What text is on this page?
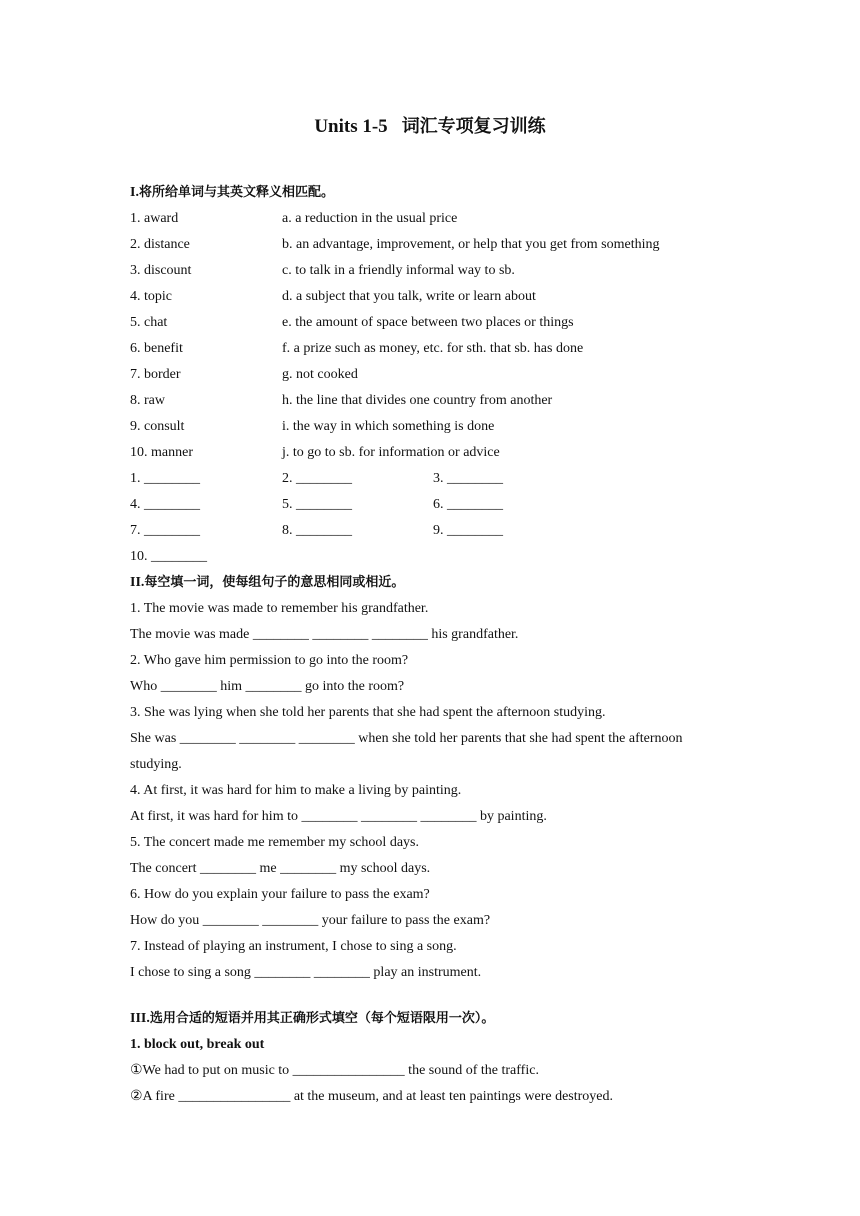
Units 1-5 词汇专项复习训练
I.将所给单词与其英文释义相匹配。
1. award	a. a reduction in the usual price
2. distance	b. an advantage, improvement, or help that you get from something
3. discount	c. to talk in a friendly informal way to sb.
4. topic	d. a subject that you talk, write or learn about
5. chat	e. the amount of space between two places or things
6. benefit	f. a prize such as money, etc. for sth. that sb. has done
7. border	g. not cooked
8. raw	h. the line that divides one country from another
9. consult	i. the way in which something is done
10. manner	j. to go to sb. for information or advice
1. ________	2. ________	3. ________
4. ________	5. ________	6. ________
7. ________	8. ________	9. ________
10. ________
II.每空填一词，使每组句子的意思相同或相近。
1. The movie was made to remember his grandfather.
The movie was made ________ ________ ________ his grandfather.
2. Who gave him permission to go into the room?
Who ________ him ________ go into the room?
3. She was lying when she told her parents that she had spent the afternoon studying.
She was ________ ________ ________ when she told her parents that she had spent the afternoon
studying.
4. At first, it was hard for him to make a living by painting.
At first, it was hard for him to ________ ________ ________ by painting.
5. The concert made me remember my school days.
The concert ________ me ________ my school days.
6. How do you explain your failure to pass the exam?
How do you ________ ________ your failure to pass the exam?
7. Instead of playing an instrument, I chose to sing a song.
I chose to sing a song ________ ________ play an instrument.
III.选用合适的短语并用其正确形式填空（每个短语限用一次）。
1. block out, break out
①We had to put on music to ________________ the sound of the traffic.
②A fire ________________ at the museum, and at least ten paintings were destroyed.
